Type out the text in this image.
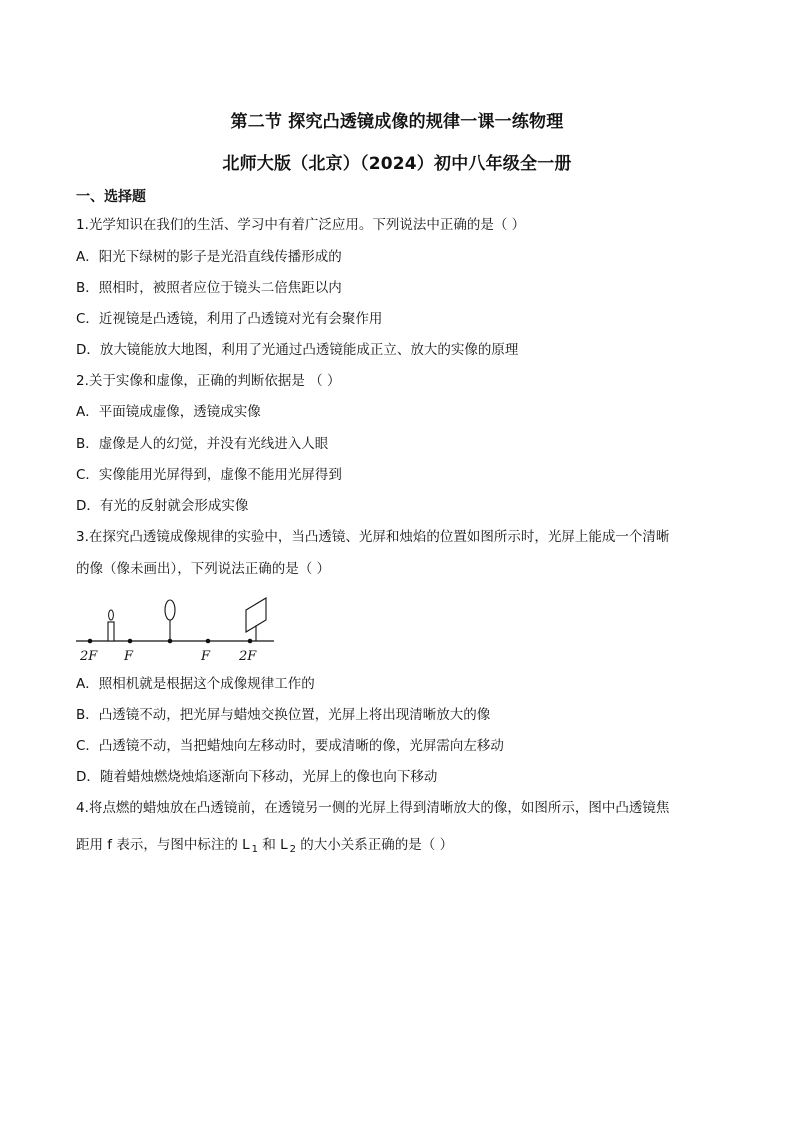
第二节 探究凸透镜成像的规律一课一练物理
北师大版（北京）（2024）初中八年级全一册
一、选择题
1.光学知识在我们的生活、学习中有着广泛应用。下列说法中正确的是（ ）
A．阳光下绿树的影子是光沿直线传播形成的
B．照相时，被照者应位于镜头二倍焦距以内
C．近视镜是凸透镜，利用了凸透镜对光有会聚作用
D．放大镜能放大地图，利用了光通过凸透镜能成正立、放大的实像的原理
2.关于实像和虚像，正确的判断依据是 （ ）
A．平面镜成虚像，透镜成实像
B．虚像是人的幻觉，并没有光线进入人眼
C．实像能用光屏得到，虚像不能用光屏得到
D．有光的反射就会形成实像
3.在探究凸透镜成像规律的实验中，当凸透镜、光屏和烛焰的位置如图所示时，光屏上能成一个清晰
的像（像未画出），下列说法正确的是（ ）
2F F	F 2F
A．照相机就是根据这个成像规律工作的
B．凸透镜不动，把光屏与蜡烛交换位置，光屏上将出现清晰放大的像
C．凸透镜不动，当把蜡烛向左移动时，要成清晰的像，光屏需向左移动
D．随着蜡烛燃烧烛焰逐渐向下移动，光屏上的像也向下移动
4.将点燃的蜡烛放在凸透镜前，在透镜另一侧的光屏上得到清晰放大的像，如图所示，图中凸透镜焦
距用 f 表示，与图中标注的 L $_1$ 和 L $_2$ 的大小关系正确的是（ ）
